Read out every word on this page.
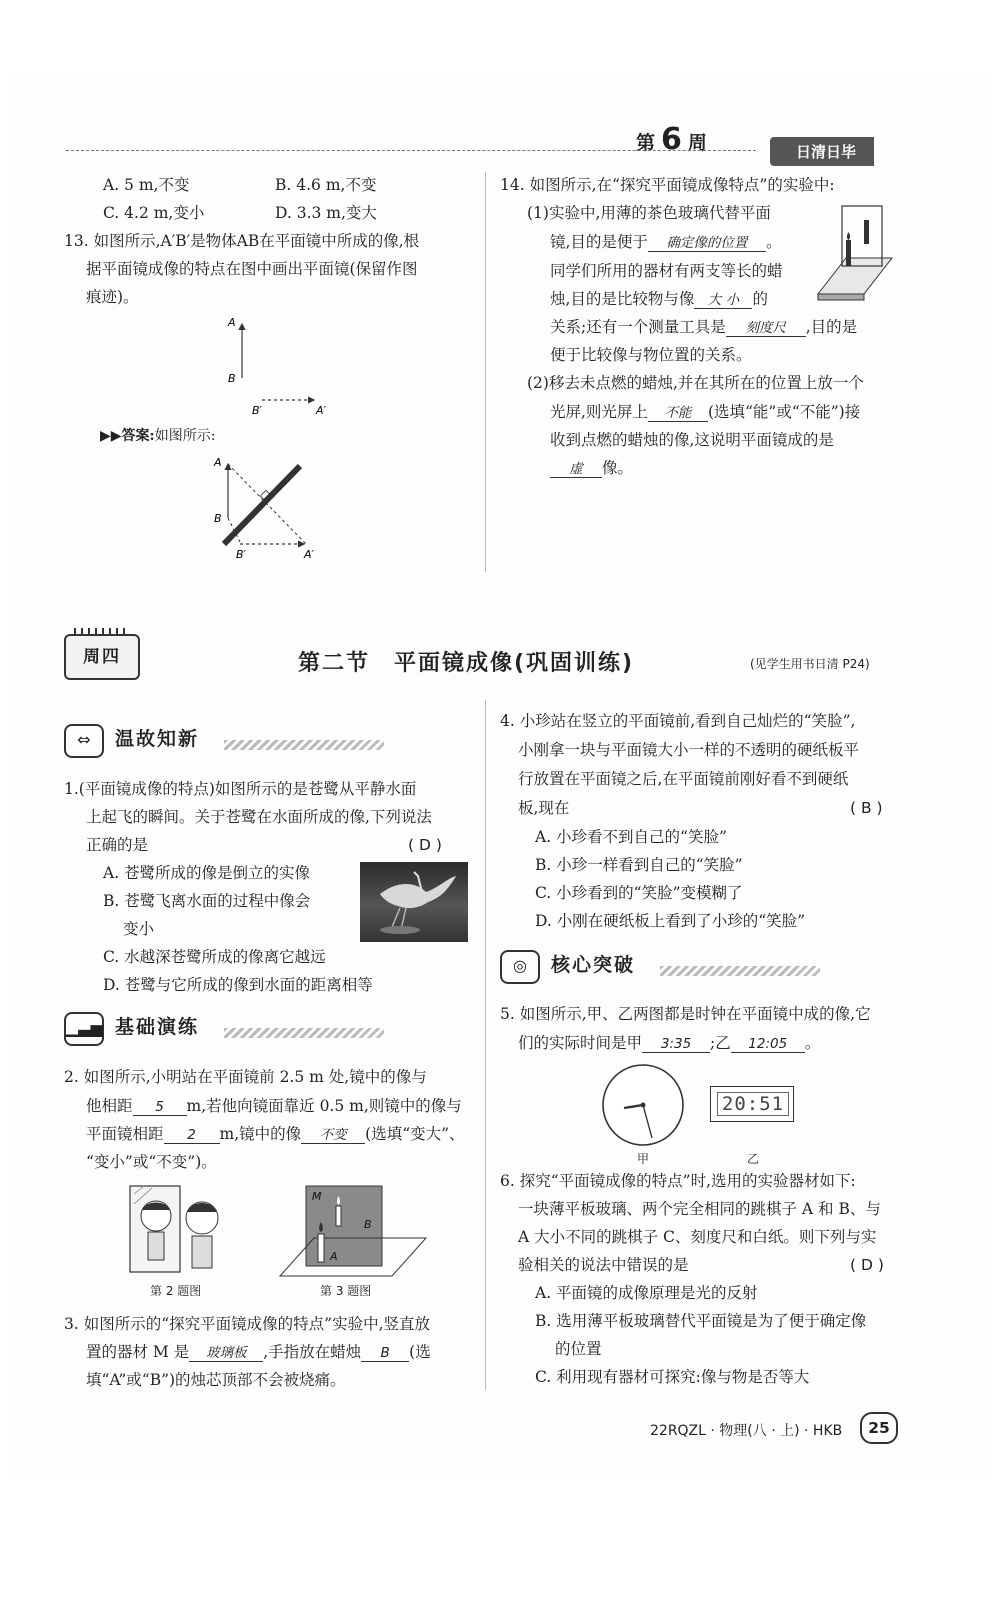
第 6 周	日清日毕
A. 5 m,不变	B. 4.6 m,不变
C. 4.2 m,变小	D. 3.3 m,变大
13. 如图所示,A′B′是物体AB在平面镜中所成的像,根
据平面镜成像的特点在图中画出平面镜(保留作图
痕迹)。
A
B
B′	A′
▶▶答案:如图所示:
A
B
B′	A′
14. 如图所示,在“探究平面镜成像特点”的实验中:
(1)实验中,用薄的茶色玻璃代替平面
镜,目的是便于 确定像的位置 。
同学们所用的器材有两支等长的蜡
烛,目的是比较物与像 大 小 的
关系;还有一个测量工具是 刻度尺 ,目的是
便于比较像与物位置的关系。
(2)移去未点燃的蜡烛,并在其所在的位置上放一个
光屏,则光屏上 不能 (选填“能”或“不能”)接
收到点燃的蜡烛的像,这说明平面镜成的是
虚 像。
周四	第二节　平面镜成像(巩固训练)	(见学生用书日清 P24)
⇔ 温故知新
1.(平面镜成像的特点)如图所示的是苍鹭从平静水面
上起飞的瞬间。关于苍鹭在水面所成的像,下列说法
正确的是	( D )
A. 苍鹭所成的像是倒立的实像
B. 苍鹭飞离水面的过程中像会
变小
C. 水越深苍鹭所成的像离它越远
D. 苍鹭与它所成的像到水面的距离相等
▁▃▅ 基础演练
2. 如图所示,小明站在平面镜前 2.5 m 处,镜中的像与
他相距 5 m,若他向镜面靠近 0.5 m,则镜中的像与
平面镜相距 2 m,镜中的像 不变 (选填“变大”、
“变小”或“不变”)。
第 2 题图
M
B
A
第 3 题图
3. 如图所示的“探究平面镜成像的特点”实验中,竖直放
置的器材 M 是 玻璃板 ,手指放在蜡烛 B (选
填“A”或“B”)的烛芯顶部不会被烧痛。
4. 小珍站在竖立的平面镜前,看到自己灿烂的“笑脸”,
小刚拿一块与平面镜大小一样的不透明的硬纸板平
行放置在平面镜之后,在平面镜前刚好看不到硬纸
板,现在	( B )
A. 小珍看不到自己的“笑脸”
B. 小珍一样看到自己的“笑脸”
C. 小珍看到的“笑脸”变模糊了
D. 小刚在硬纸板上看到了小珍的“笑脸”
◎ 核心突破
5. 如图所示,甲、乙两图都是时钟在平面镜中成的像,它
们的实际时间是甲 3:35 ;乙 12:05 。
甲
20:51
乙
6. 探究“平面镜成像的特点”时,选用的实验器材如下:
一块薄平板玻璃、两个完全相同的跳棋子 A 和 B、与
A 大小不同的跳棋子 C、刻度尺和白纸。则下列与实
验相关的说法中错误的是	( D )
A. 平面镜的成像原理是光的反射
B. 选用薄平板玻璃替代平面镜是为了便于确定像
的位置
C. 利用现有器材可探究:像与物是否等大
22RQZL · 物理(八 · 上) · HKB	25
